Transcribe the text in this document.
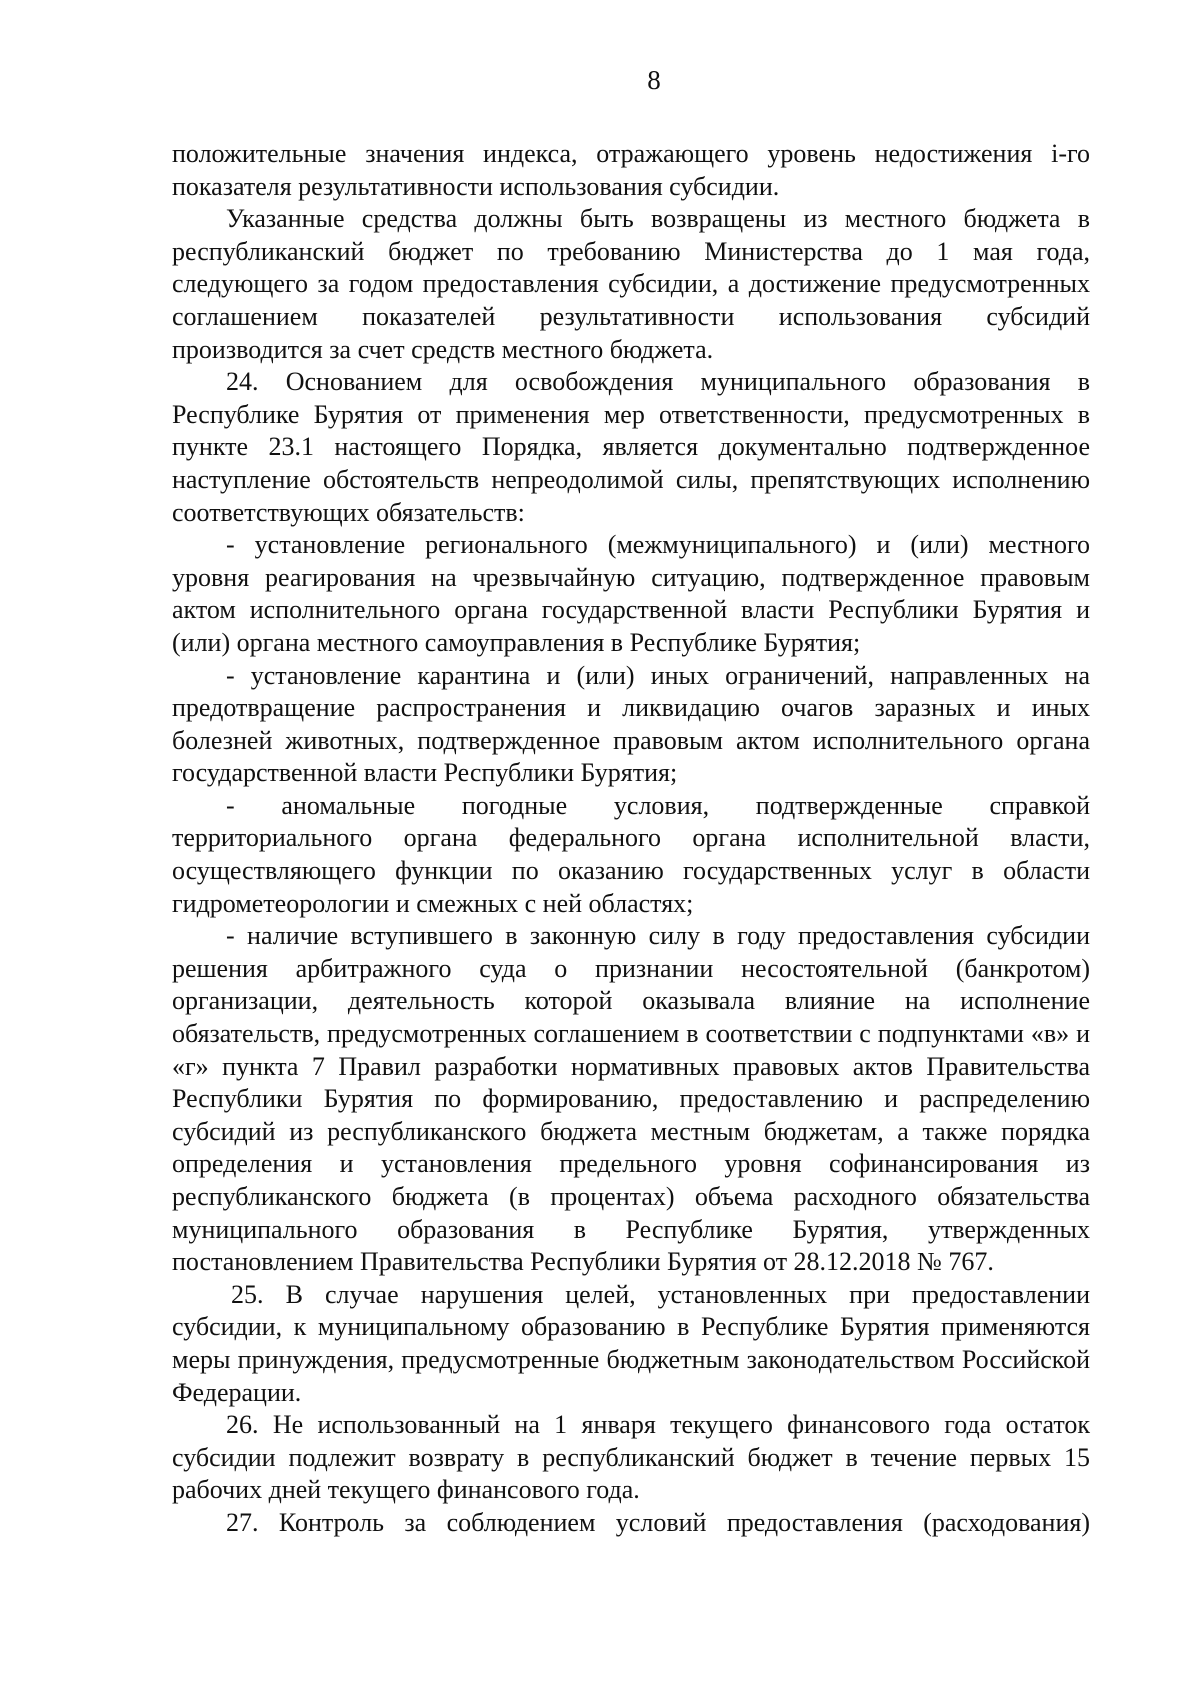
8

положительные значения индекса, отражающего уровень недостижения i-го показателя результативности использования субсидии.

Указанные средства должны быть возвращены из местного бюджета в республиканский бюджет по требованию Министерства до 1 мая года, следующего за годом предоставления субсидии, а достижение предусмотренных соглашением показателей результативности использования субсидий производится за счет средств местного бюджета.

24. Основанием для освобождения муниципального образования в Республике Бурятия от применения мер ответственности, предусмотренных в пункте 23.1 настоящего Порядка, является документально подтвержденное наступление обстоятельств непреодолимой силы, препятствующих исполнению соответствующих обязательств:

- установление регионального (межмуниципального) и (или) местного уровня реагирования на чрезвычайную ситуацию, подтвержденное правовым актом исполнительного органа государственной власти Республики Бурятия и (или) органа местного самоуправления в Республике Бурятия;

- установление карантина и (или) иных ограничений, направленных на предотвращение распространения и ликвидацию очагов заразных и иных болезней животных, подтвержденное правовым актом исполнительного органа государственной власти Республики Бурятия;

- аномальные погодные условия, подтвержденные справкой территориального органа федерального органа исполнительной власти, осуществляющего функции по оказанию государственных услуг в области гидрометеорологии и смежных с ней областях;

- наличие вступившего в законную силу в году предоставления субсидии решения арбитражного суда о признании несостоятельной (банкротом) организации, деятельность которой оказывала влияние на исполнение обязательств, предусмотренных соглашением в соответствии с подпунктами «в» и «г» пункта 7 Правил разработки нормативных правовых актов Правительства Республики Бурятия по формированию, предоставлению и распределению субсидий из республиканского бюджета местным бюджетам, а также порядка определения и установления предельного уровня софинансирования из республиканского бюджета (в процентах) объема расходного обязательства муниципального образования в Республике Бурятия, утвержденных постановлением Правительства Республики Бурятия от 28.12.2018 № 767.

25. В случае нарушения целей, установленных при предоставлении субсидии, к муниципальному образованию в Республике Бурятия применяются меры принуждения, предусмотренные бюджетным законодательством Российской Федерации.

26. Не использованный на 1 января текущего финансового года остаток субсидии подлежит возврату в республиканский бюджет в течение первых 15 рабочих дней текущего финансового года.

27. Контроль за соблюдением условий предоставления (расходования)
